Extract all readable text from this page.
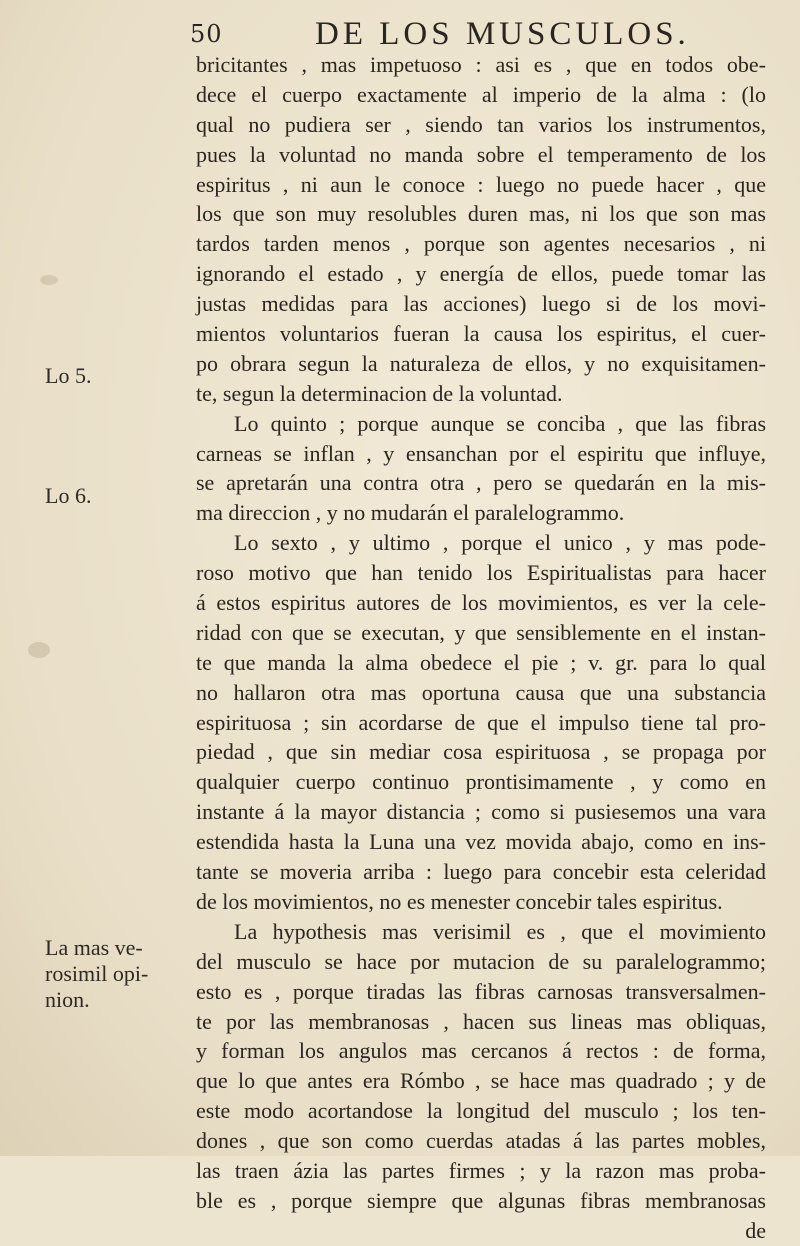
50	DE LOS MUSCULOS.
Lo 5.
Lo 6.
La mas ve-
rosimil opi-
nion.
bricitantes , mas impetuoso : asi es , que en todos obe-
dece el cuerpo exactamente al imperio de la alma : (lo
qual no pudiera ser , siendo tan varios los instrumentos,
pues la voluntad no manda sobre el temperamento de los
espiritus , ni aun le conoce : luego no puede hacer , que
los que son muy resolubles duren mas, ni los que son mas
tardos tarden menos , porque son agentes necesarios , ni
ignorando el estado , y energía de ellos, puede tomar las
justas medidas para las acciones) luego si de los movi-
mientos voluntarios fueran la causa los espiritus, el cuer-
po obrara segun la naturaleza de ellos, y no exquisitamen-
te, segun la determinacion de la voluntad.
Lo quinto ; porque aunque se conciba , que las fibras
carneas se inflan , y ensanchan por el espiritu que influye,
se apretarán una contra otra , pero se quedarán en la mis-
ma direccion , y no mudarán el paralelogrammo.
Lo sexto , y ultimo , porque el unico , y mas pode-
roso motivo que han tenido los Espiritualistas para hacer
á estos espiritus autores de los movimientos, es ver la cele-
ridad con que se executan, y que sensiblemente en el instan-
te que manda la alma obedece el pie ; v. gr. para lo qual
no hallaron otra mas oportuna causa que una substancia
espirituosa ; sin acordarse de que el impulso tiene tal pro-
piedad , que sin mediar cosa espirituosa , se propaga por
qualquier cuerpo continuo prontisimamente , y como en
instante á la mayor distancia ; como si pusiesemos una vara
estendida hasta la Luna una vez movida abajo, como en ins-
tante se moveria arriba : luego para concebir esta celeridad
de los movimientos, no es menester concebir tales espiritus.
La hypothesis mas verisimil es , que el movimiento
del musculo se hace por mutacion de su paralelogrammo;
esto es , porque tiradas las fibras carnosas transversalmen-
te por las membranosas , hacen sus lineas mas obliquas,
y forman los angulos mas cercanos á rectos : de forma,
que lo que antes era Rómbo , se hace mas quadrado ; y de
este modo acortandose la longitud del musculo ; los ten-
dones , que son como cuerdas atadas á las partes mobles,
las traen ázia las partes firmes ; y la razon mas proba-
ble es , porque siempre que algunas fibras membranosas
de
